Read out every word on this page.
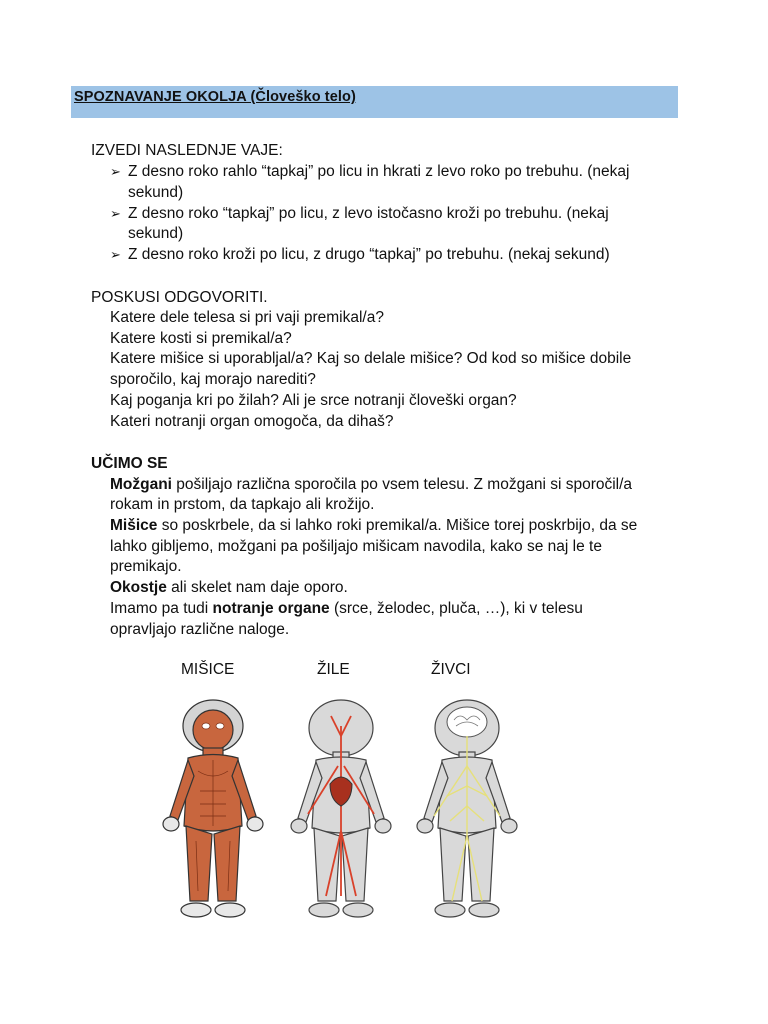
SPOZNAVANJE OKOLJA (Človeško telo)
IZVEDI NASLEDNJE VAJE:
➢ Z desno roko rahlo “tapkaj” po licu in hkrati z levo roko po trebuhu. (nekaj
sekund)
➢ Z desno roko “tapkaj” po licu, z levo istočasno kroži po trebuhu. (nekaj
sekund)
➢ Z desno roko kroži po licu, z drugo “tapkaj” po trebuhu. (nekaj sekund)
POSKUSI ODGOVORITI.
Katere dele telesa si pri vaji premikal/a?
Katere kosti si premikal/a?
Katere mišice si uporabljal/a? Kaj so delale mišice? Od kod so mišice dobile
sporočilo, kaj morajo narediti?
Kaj poganja kri po žilah? Ali je srce notranji človeški organ?
Kateri notranji organ omogoča, da dihaš?
UČIMO SE
Možgani pošiljajo različna sporočila po vsem telesu. Z možgani si sporočil/a
rokam in prstom, da tapkajo ali krožijo.
Mišice so poskrbele, da si lahko roki premikal/a. Mišice torej poskrbijo, da se
lahko gibljemo, možgani pa pošiljajo mišicam navodila, kako se naj le te
premikajo.
Okostje ali skelet nam daje oporo.
Imamo pa tudi notranje organe (srce, želodec, pluča, …), ki v telesu
opravljajo različne naloge.
MIŠICE	ŽILE	ŽIVCI
